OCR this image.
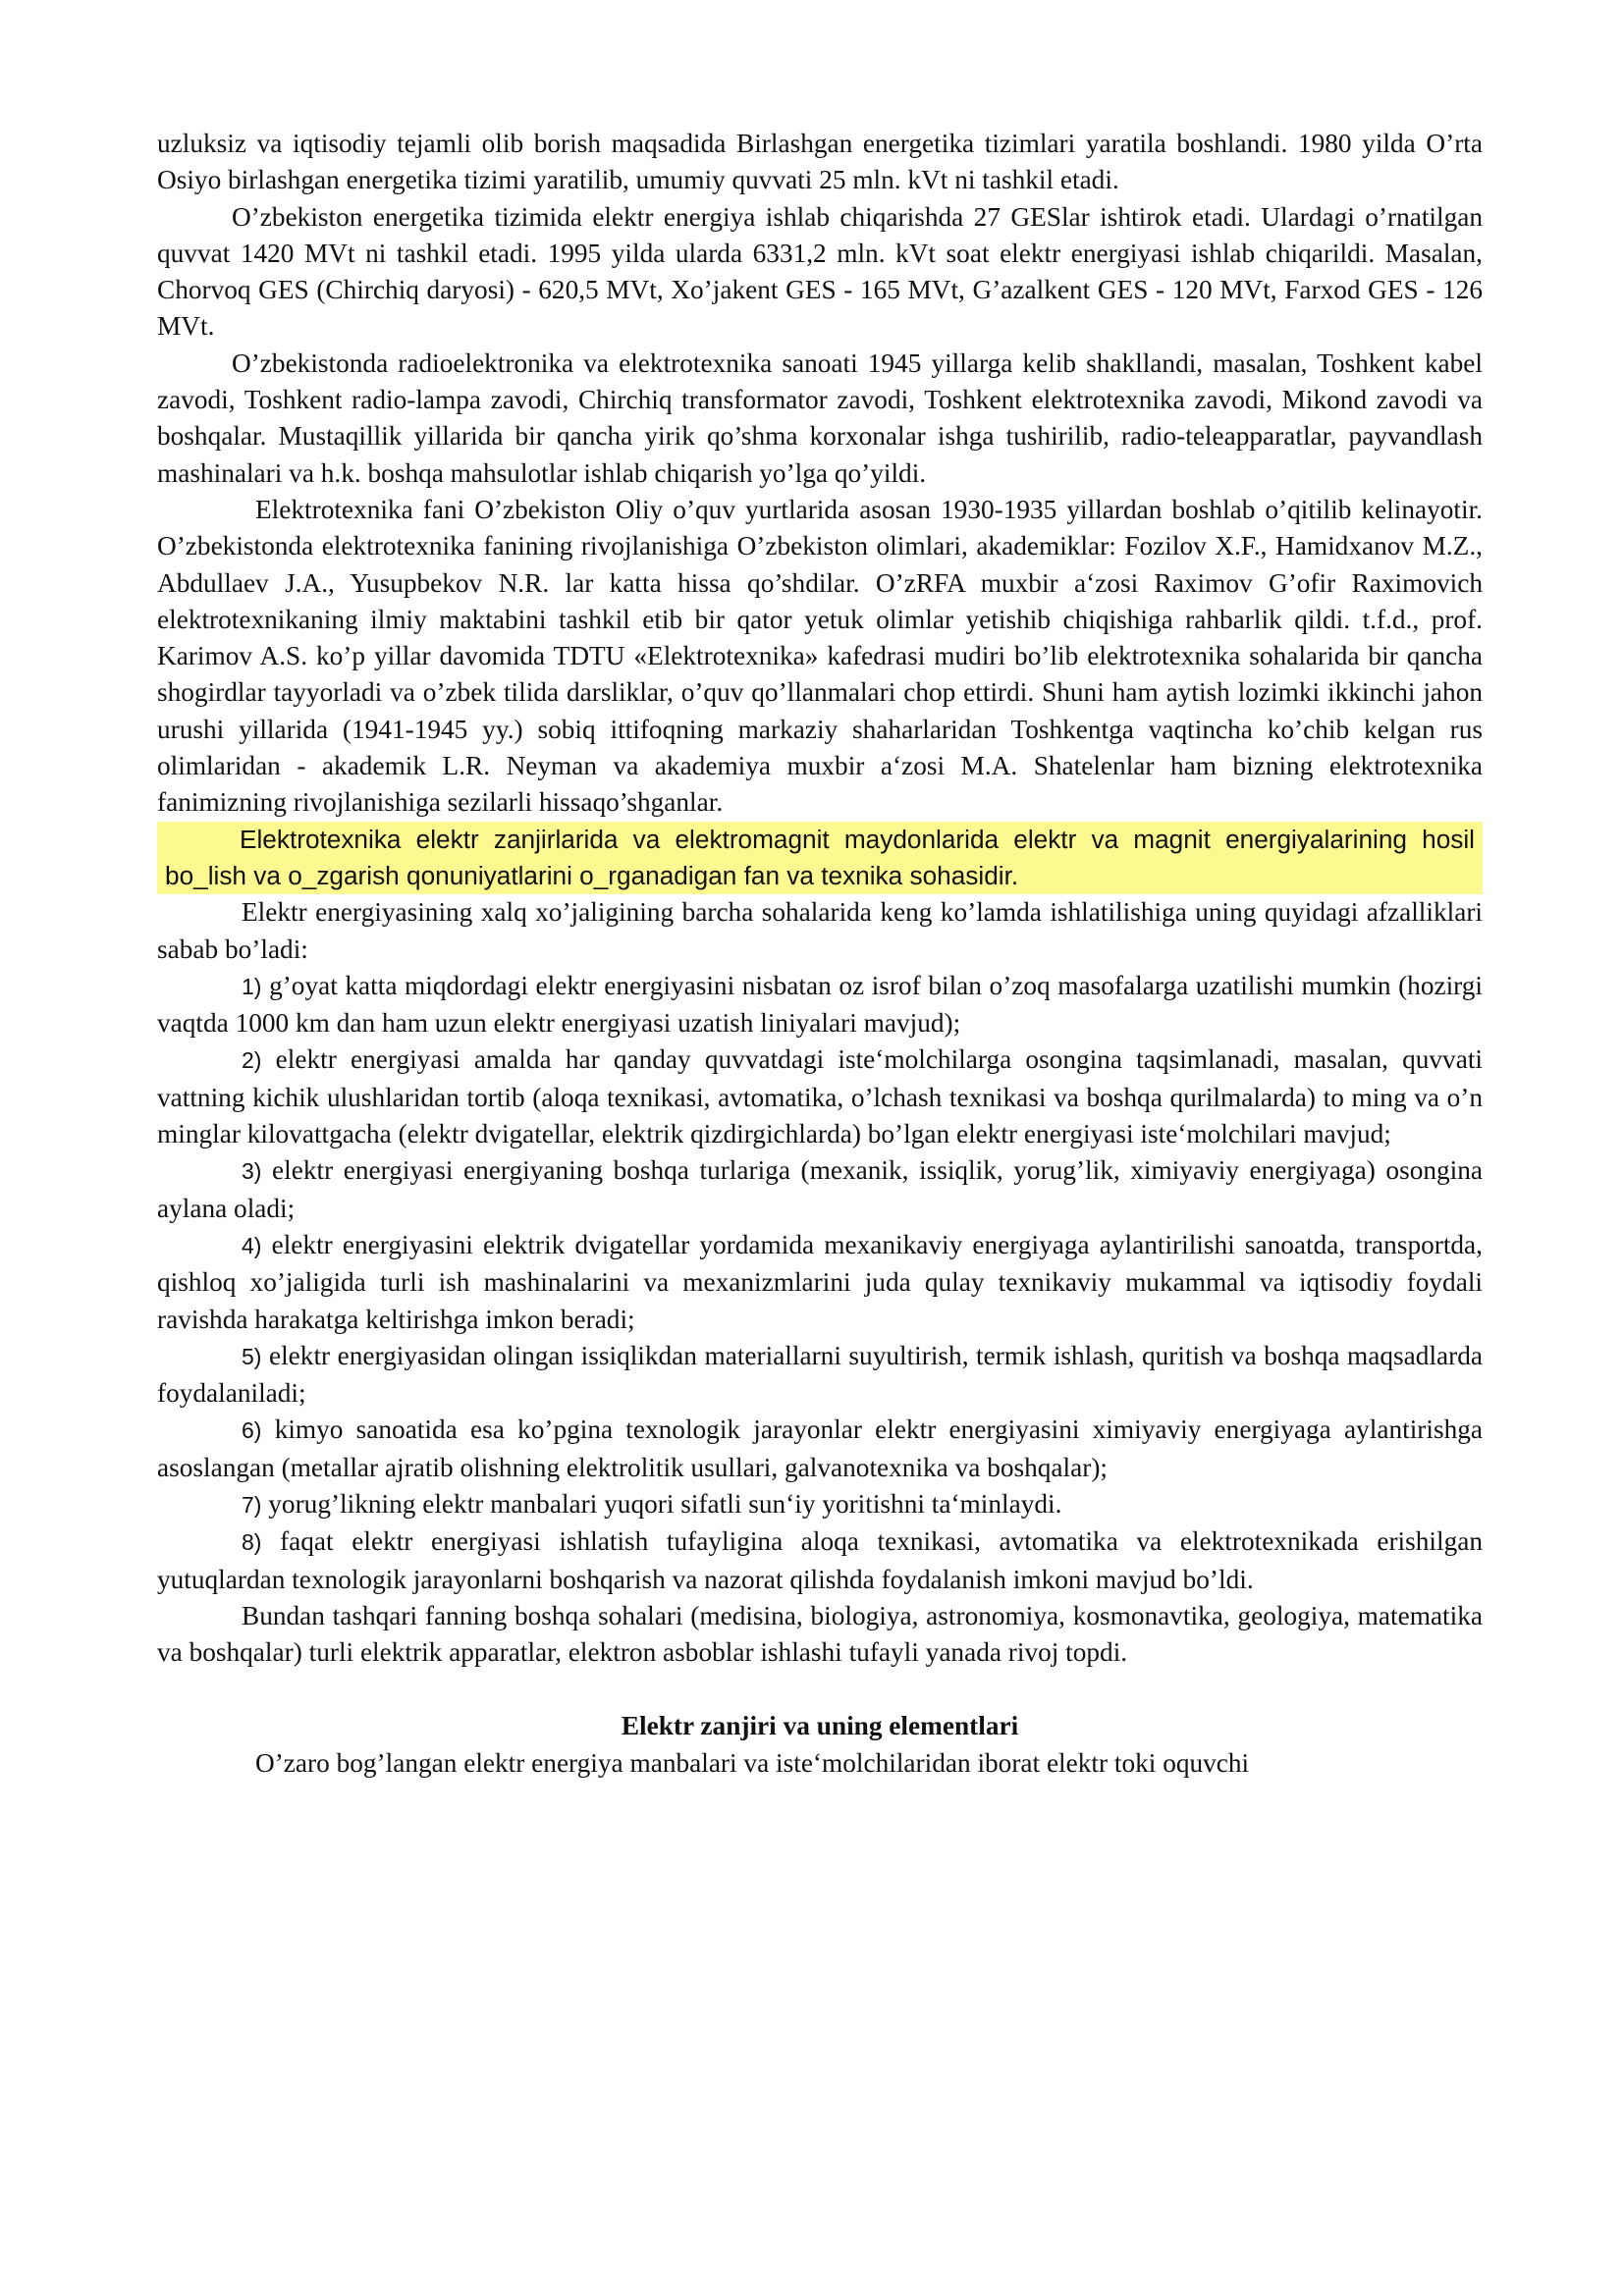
uzluksiz va iqtisodiy tejamli olib borish maqsadida Birlashgan energetika tizimlari yaratila boshlandi. 1980 yilda O’rta Osiyo birlashgan energetika tizimi yaratilib, umumiy quvvati 25 mln. kVt ni tashkil etadi.

O’zbekiston energetika tizimida elektr energiya ishlab chiqarishda 27 GESlar ishtirok etadi. Ulardagi o’rnatilgan quvvat 1420 MVt ni tashkil etadi. 1995 yilda ularda 6331,2 mln. kVt soat elektr energiyasi ishlab chiqarildi. Masalan, Chorvoq GES (Chirchiq daryosi) - 620,5 MVt, Xo’jakent GES - 165 MVt, G’azalkent GES - 120 MVt, Farxod GES - 126 MVt.

O’zbekistonda radioelektronika va elektrotexnika sanoati 1945 yillarga kelib shakllandi, masalan, Toshkent kabel zavodi, Toshkent radio-lampa zavodi, Chirchiq transformator zavodi, Toshkent elektrotexnika zavodi, Mikond zavodi va boshqalar. Mustaqillik yillarida bir qancha yirik qo’shma korxonalar ishga tushirilib, radio-teleapparatlar, payvandlash mashinalari va h.k. boshqa mahsulotlar ishlab chiqarish yo’lga qo’yildi.

Elektrotexnika fani O’zbekiston Oliy o’quv yurtlarida asosan 1930-1935 yillardan boshlab o’qitilib kelinayotir. O’zbekistonda elektrotexnika fanining rivojlanishiga O’zbekiston olimlari, akademiklar: Fozilov X.F., Hamidxanov M.Z., Abdullaev J.A., Yusupbekov N.R. lar katta hissa qo’shdilar. O’zRFA muxbir a‘zosi Raximov G’ofir Raximovich elektrotexnikaning ilmiy maktabini tashkil etib bir qator yetuk olimlar yetishib chiqishiga rahbarlik qildi. t.f.d., prof. Karimov A.S. ko’p yillar davomida TDTU «Elektrotexnika» kafedrasi mudiri bo’lib elektrotexnika sohalarida bir qancha shogirdlar tayyorladi va o’zbek tilida darsliklar, o’quv qo’llanmalari chop ettirdi. Shuni ham aytish lozimki ikkinchi jahon urushi yillarida (1941-1945 yy.) sobiq ittifoqning markaziy shaharlaridan Toshkentga vaqtincha ko’chib kelgan rus olimlaridan - akademik L.R. Neyman va akademiya muxbir a‘zosi M.A. Shatelenlar ham bizning elektrotexnika fanimizning rivojlanishiga sezilarli hissaqo’shganlar.

Elektrotexnika elektr zanjirlarida va elektromagnit maydonlarida elektr va magnit energiyalarining hosil bo_lish va o_zgarish qonuniyatlarini o_rganadigan fan va texnika sohasidir.

Elektr energiyasining xalq xo’jaligining barcha sohalarida keng ko’lamda ishlatilishiga uning quyidagi afzalliklari sabab bo’ladi:

1) g’oyat katta miqdordagi elektr energiyasini nisbatan oz isrof bilan o’zoq masofalarga uzatilishi mumkin (hozirgi vaqtda 1000 km dan ham uzun elektr energiyasi uzatish liniyalari mavjud);

2) elektr energiyasi amalda har qanday quvvatdagi iste‘molchilarga osongina taqsimlanadi, masalan, quvvati vattning kichik ulushlaridan tortib (aloqa texnikasi, avtomatika, o’lchash texnikasi va boshqa qurilmalarda) to ming va o’n minglar kilovattgacha (elektr dvigatellar, elektrik qizdirgichlarda) bo’lgan elektr energiyasi iste‘molchilari mavjud;

3) elektr energiyasi energiyaning boshqa turlariga (mexanik, issiqlik, yorug’lik, ximiyaviy energiyaga) osongina aylana oladi;

4) elektr energiyasini elektrik dvigatellar yordamida mexanikaviy energiyaga aylantirilishi sanoatda, transportda, qishloq xo’jaligida turli ish mashinalarini va mexanizmlarini juda qulay texnikaviy mukammal va iqtisodiy foydali ravishda harakatga keltirishga imkon beradi;

5) elektr energiyasidan olingan issiqlikdan materiallarni suyultirish, termik ishlash, quritish va boshqa maqsadlarda foydalaniladi;

6) kimyo sanoatida esa ko’pgina texnologik jarayonlar elektr energiyasini ximiyaviy energiyaga aylantirishga asoslangan (metallar ajratib olishning elektrolitik usullari, galvanotexnika va boshqalar);

7) yorug’likning elektr manbalari yuqori sifatli sun‘iy yoritishni ta‘minlaydi.

8) faqat elektr energiyasi ishlatish tufayligina aloqa texnikasi, avtomatika va elektrotexnikada erishilgan yutuqlardan texnologik jarayonlarni boshqarish va nazorat qilishda foydalanish imkoni mavjud bo’ldi.

Bundan tashqari fanning boshqa sohalari (medisina, biologiya, astronomiya, kosmonavtika, geologiya, matematika va boshqalar) turli elektrik apparatlar, elektron asboblar ishlashi tufayli yanada rivoj topdi.

Elektr zanjiri va uning elementlari

O’zaro bog’langan elektr energiya manbalari va iste‘molchilaridan iborat elektr toki oquvchi
